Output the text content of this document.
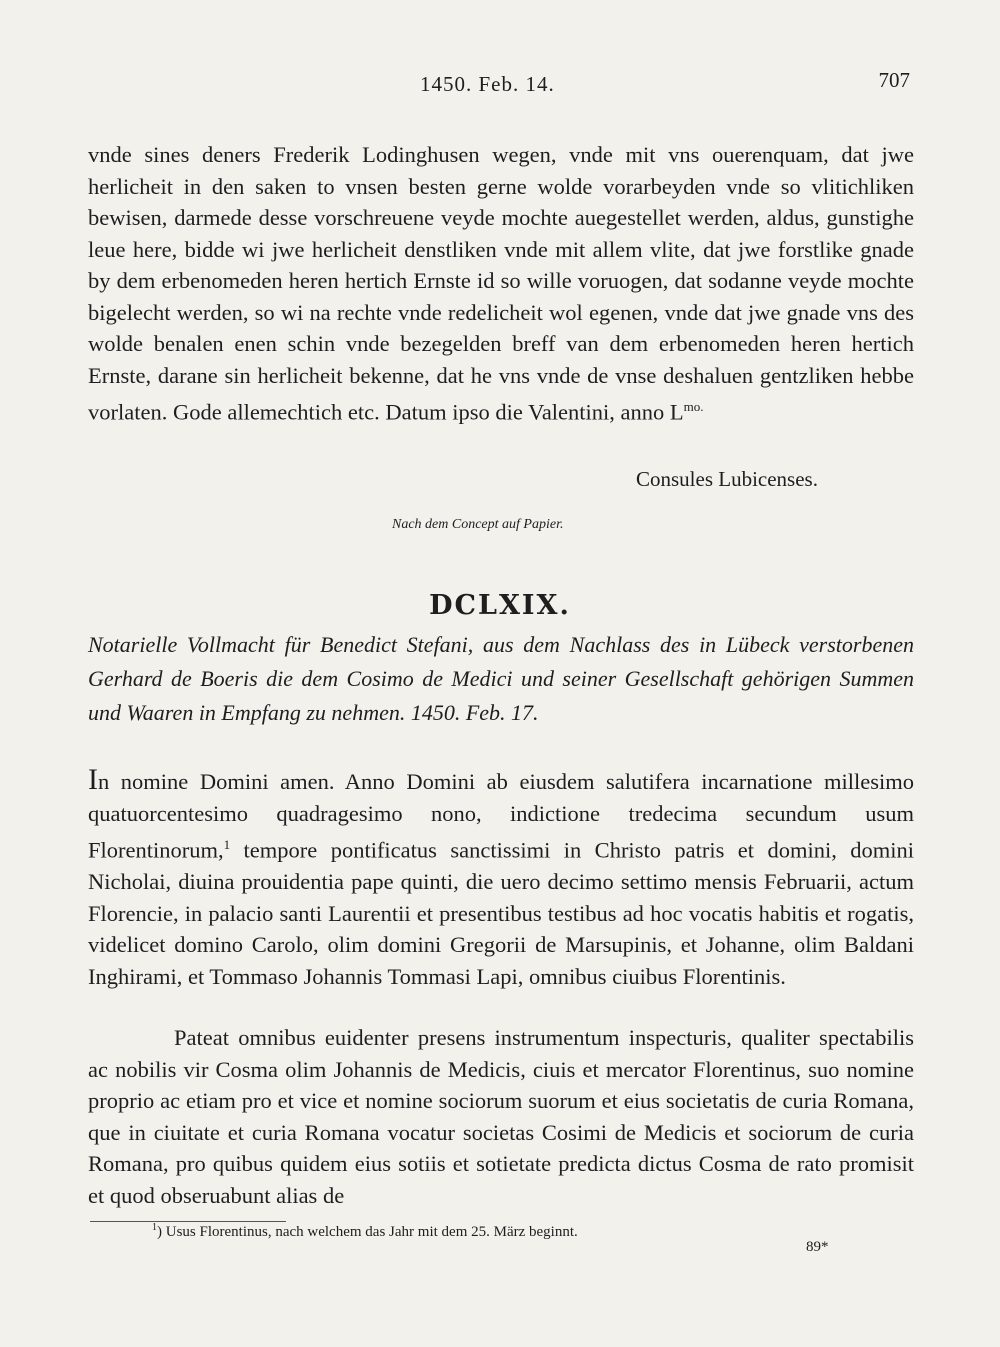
1450. Feb. 14.	707
vnde sines deners Frederik Lodinghusen wegen, vnde mit vns ouerenquam, dat jwe herlicheit in den saken to vnsen besten gerne wolde vorarbeyden vnde so vlitichliken bewisen, darmede desse vorschreuene veyde mochte auegestellet werden, aldus, gunstighe leue here, bidde wi jwe herlicheit denstliken vnde mit allem vlite, dat jwe forstlike gnade by dem erbenomeden heren hertich Ernste id so wille voruogen, dat sodanne veyde mochte bigelecht werden, so wi na rechte vnde redelicheit wol egenen, vnde dat jwe gnade vns des wolde benalen enen schin vnde bezegelden breff van dem erbenomeden heren hertich Ernste, darane sin herlicheit bekenne, dat he vns vnde de vnse deshaluen gentzliken hebbe vorlaten. Gode allemechtich etc. Datum ipso die Valentini, anno $L^{mo.}$
Consules Lubicenses.
Nach dem Concept auf Papier.
DCLXIX.
Notarielle Vollmacht für Benedict Stefani, aus dem Nachlass des in Lübeck verstorbenen Gerhard de Boeris die dem Cosimo de Medici und seiner Gesellschaft gehörigen Summen und Waaren in Empfang zu nehmen. 1450. Feb. 17.
In nomine Domini amen. Anno Domini ab eiusdem salutifera incarnatione millesimo quatuorcentesimo quadragesimo nono, indictione tredecima secundum usum Florentinorum,$^1$ tempore pontificatus sanctissimi in Christo patris et domini, domini Nicholai, diuina prouidentia pape quinti, die uero decimo settimo mensis Februarii, actum Florencie, in palacio santi Laurentii et presentibus testibus ad hoc vocatis habitis et rogatis, videlicet domino Carolo, olim domini Gregorii de Marsupinis, et Johanne, olim Baldani Inghirami, et Tommaso Johannis Tommasi Lapi, omnibus ciuibus Florentinis.
Pateat omnibus euidenter presens instrumentum inspecturis, qualiter spectabilis ac nobilis vir Cosma olim Johannis de Medicis, ciuis et mercator Florentinus, suo nomine proprio ac etiam pro et vice et nomine sociorum suorum et eius societatis de curia Romana, que in ciuitate et curia Romana vocatur societas Cosimi de Medicis et sociorum de curia Romana, pro quibus quidem eius sotiis et sotietate predicta dictus Cosma de rato promisit et quod obseruabunt alias de
$^1$) Usus Florentinus, nach welchem das Jahr mit dem 25. März beginnt.
89*
